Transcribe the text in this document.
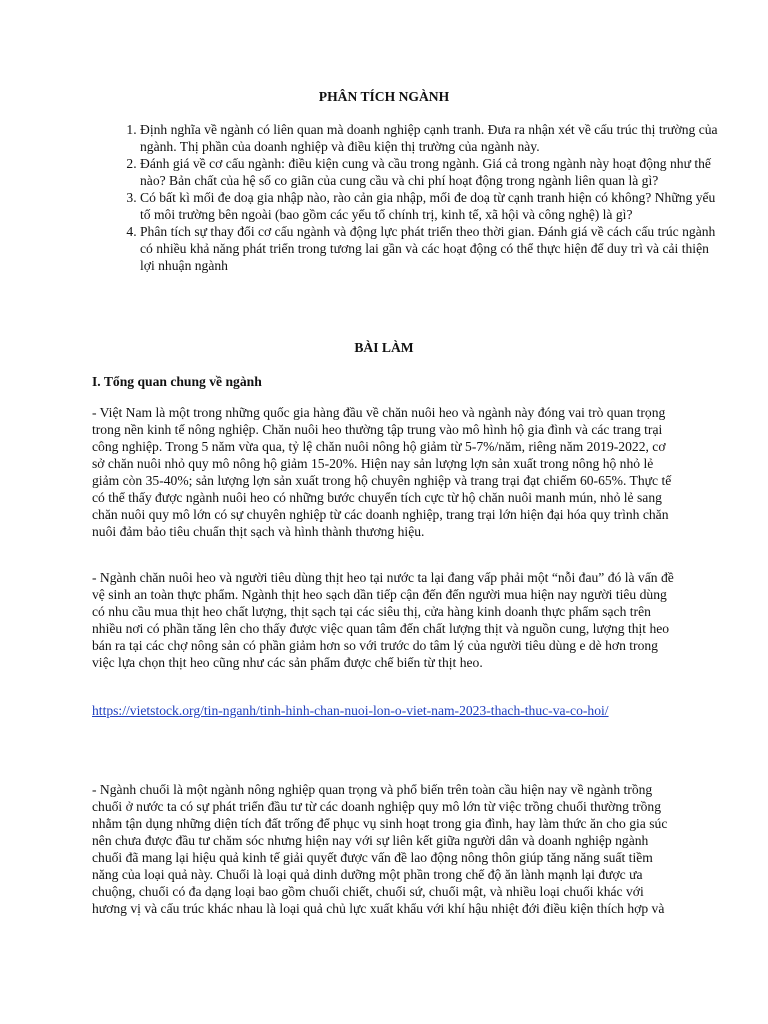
PHÂN TÍCH NGÀNH
1. Định nghĩa về ngành có liên quan mà doanh nghiệp cạnh tranh. Đưa ra nhận xét về cấu trúc thị trường của ngành. Thị phần của doanh nghiệp và điều kiện thị trường của ngành này.
2. Đánh giá về cơ cấu ngành: điều kiện cung và cầu trong ngành. Giá cả trong ngành này hoạt động như thế nào? Bản chất của hệ số co giãn của cung cầu và chi phí hoạt động trong ngành liên quan là gì?
3. Có bất kì mối đe doạ gia nhập nào, rào cản gia nhập, mối đe doạ từ cạnh tranh hiện có không? Những yếu tố môi trường bên ngoài (bao gồm các yếu tố chính trị, kinh tế, xã hội và công nghệ) là gì?
4. Phân tích sự thay đổi cơ cấu ngành và động lực phát triển theo thời gian. Đánh giá về cách cấu trúc ngành có nhiều khả năng phát triển trong tương lai gần và các hoạt động có thể thực hiện để duy trì và cải thiện lợi nhuận ngành
BÀI LÀM
I. Tổng quan chung về ngành

- Việt Nam là một trong những quốc gia hàng đầu về chăn nuôi heo và ngành này đóng vai trò quan trọng trong nền kinh tế nông nghiệp. Chăn nuôi heo thường tập trung vào mô hình hộ gia đình và các trang trại công nghiệp. Trong 5 năm vừa qua, tỷ lệ chăn nuôi nông hộ giảm từ 5-7%/năm, riêng năm 2019-2022, cơ sở chăn nuôi nhỏ quy mô nông hộ giảm 15-20%. Hiện nay sản lượng lợn sản xuất trong nông hộ nhỏ lẻ giảm còn 35-40%; sản lượng lợn sản xuất trong hộ chuyên nghiệp và trang trại đạt chiếm 60-65%. Thực tế có thể thấy được ngành nuôi heo có những bước chuyển tích cực từ hộ chăn nuôi manh mún, nhỏ lẻ sang chăn nuôi quy mô lớn có sự chuyên nghiệp từ các doanh nghiệp, trang trại lớn hiện đại hóa quy trình chăn nuôi đảm bảo tiêu chuẩn thịt sạch và hình thành thương hiệu.

- Ngành chăn nuôi heo và người tiêu dùng thịt heo tại nước ta lại đang vấp phải một “nỗi đau” đó là vấn đề vệ sinh an toàn thực phẩm. Ngành thịt heo sạch dần tiếp cận đến đến người mua hiện nay người tiêu dùng có nhu cầu mua thịt heo chất lượng, thịt sạch tại các siêu thị, cửa hàng kinh doanh thực phẩm sạch trên nhiều nơi có phần tăng lên cho thấy được việc quan tâm đến chất lượng thịt và nguồn cung, lượng thịt heo bán ra tại các chợ nông sản có phần giảm hơn so với trước do tâm lý của người tiêu dùng e dè hơn trong việc lựa chọn thịt heo cũng như các sản phẩm được chế biến từ thịt heo.

https://vietstock.org/tin-nganh/tinh-hinh-chan-nuoi-lon-o-viet-nam-2023-thach-thuc-va-co-hoi/

- Ngành chuối là một ngành nông nghiệp quan trọng và phổ biến trên toàn cầu hiện nay về ngành trồng chuối ở nước ta có sự phát triển đầu tư từ các doanh nghiệp quy mô lớn từ việc trồng chuối thường trồng nhằm tận dụng những diện tích đất trống để phục vụ sinh hoạt trong gia đình, hay làm thức ăn cho gia súc nên chưa được đầu tư chăm sóc nhưng hiện nay với sự liên kết giữa người dân và doanh nghiệp ngành chuối đã mang lại hiệu quả kinh tế giải quyết được vấn đề lao động nông thôn giúp tăng năng suất tiềm năng của loại quả này. Chuối là loại quả dinh dưỡng một phần trong chế độ ăn lành mạnh lại được ưa chuộng, chuối có đa dạng loại bao gồm chuối chiết, chuối sứ, chuối mật, và nhiều loại chuối khác với hương vị và cấu trúc khác nhau là loại quả chủ lực xuất khẩu với khí hậu nhiệt đới điều kiện thích hợp và
